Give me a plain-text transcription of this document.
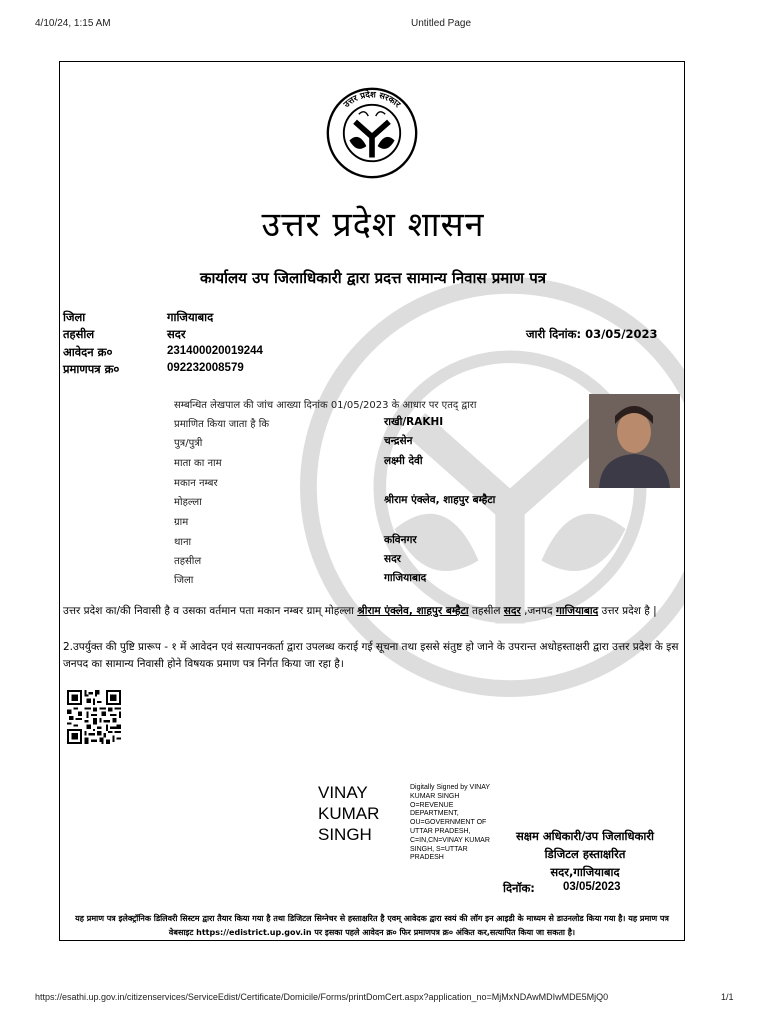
4/10/24, 1:15 AM	Untitled Page
उत्तर प्रदेश सरकार
उत्तर प्रदेश शासन
कार्यालय उप जिलाधिकारी द्वारा प्रदत्त सामान्य निवास प्रमाण पत्र
जिला	गाजियाबाद
तहसील	सदर
आवेदन क्र०	231400020019244
प्रमाणपत्र क्र०	092232008579
जारी दिनांक: 03/05/2023
सम्बन्धित लेखपाल की जांच आख्या दिनांक 01/05/2023 के आधार पर एतद् द्वारा
प्रमाणित किया जाता है कि	राखी/RAKHI
पुत्र/पुत्री	चन्द्रसेन
माता का नाम	लक्ष्मी देवी
मकान नम्बर
मोहल्ला	श्रीराम एंक्लेव, शाहपुर बम्हैटा
ग्राम
थाना	कविनगर
तहसील	सदर
जिला	गाजियाबाद
उत्तर प्रदेश का/की निवासी है व उसका वर्तमान पता मकान नम्बर ग्राम् मोहल्ला श्रीराम एंक्लेव, शाहपुर बम्हैटा तहसील सदर ,जनपद गाजियाबाद उत्तर प्रदेश है |
2.उपर्युक्त की पुष्टि प्रारूप - १ में आवेदन एवं सत्यापनकर्ता द्वारा उपलब्ध कराई गई सूचना तथा इससे संतुष्ट हो जाने के उपरान्त अधोहस्ताक्षरी द्वारा उत्तर प्रदेश के इस जनपद का सामान्य निवासी होने विषयक प्रमाण पत्र निर्गत किया जा रहा है।
VINAY
KUMAR
SINGH
Digitally Signed by VINAY KUMAR SINGH O=REVENUE DEPARTMENT, OU=GOVERNMENT OF UTTAR PRADESH, C=IN,CN=VINAY KUMAR SINGH, S=UTTAR PRADESH
सक्षम अधिकारी/उप जिलाधिकारी
डिजिटल हस्ताक्षरित
सदर,गाजियाबाद
दिनॉक: 03/05/2023
यह प्रमाण पत्र इलेक्ट्रॉनिक डिलिवरी सिस्टम द्वारा तैयार किया गया है तथा डिजिटल सिग्नेचर से हस्ताक्षरित है एवम् आवेदक द्वारा स्वयं की लॉग इन आइडी के माध्यम से डाउनलोड किया गया है। यह प्रमाण पत्र वेबसाइट https://edistrict.up.gov.in पर इसका पहले आवेदन क्र० फिर प्रमाणपत्र क्र० अंकित कर,सत्यापित किया जा सकता है।
https://esathi.up.gov.in/citizenservices/ServiceEdist/Certificate/Domicile/Forms/printDomCert.aspx?application_no=MjMxNDAwMDIwMDE5MjQ0	1/1
